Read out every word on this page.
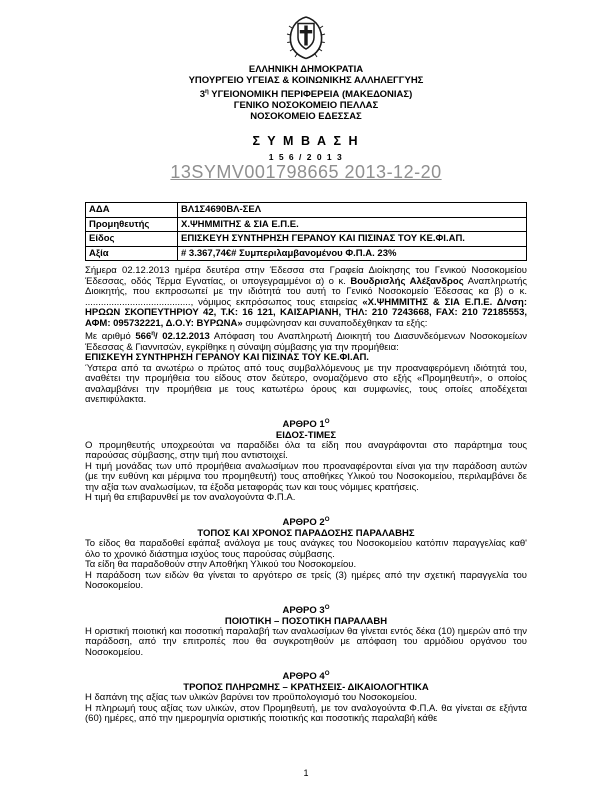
13SYMV001798665 2013-12-20
ΕΛΛΗΝΙΚΗ ΔΗΜΟΚΡΑΤΙΑ
ΥΠΟΥΡΓΕΙΟ ΥΓΕΙΑΣ & ΚΟΙΝΩΝΙΚΗΣ ΑΛΛΗΛΕΓΓΥΗΣ
$3^\eta$ ΥΓΕΙΟΝΟΜΙΚΗ ΠΕΡΙΦΕΡΕΙΑ (ΜΑΚΕΔΟΝΙΑΣ)
ΓΕΝΙΚΟ ΝΟΣΟΚΟΜΕΙΟ ΠΕΛΛΑΣ
ΝΟΣΟΚΟΜΕΙΟ ΕΔΕΣΣΑΣ
Σ Υ Μ Β Α Σ Η
1 5 6 / 2 0 1 3
ΑΔΑ	ΒΛ1Σ4690ΒΛ-ΣΕΛ
Προμηθευτής	Χ.ΨΗΜΜΙΤΗΣ & ΣΙΑ Ε.Π.Ε.
Είδος	ΕΠΙΣΚΕΥΗ ΣΥΝΤΗΡΗΣΗ ΓΕΡΑΝΟΥ ΚΑΙ ΠΙΣΙΝΑΣ ΤΟΥ ΚΕ.ΦΙ.ΑΠ.
Αξία	# 3.367,74€# Συμπεριλαμβανομένου Φ.Π.Α. 23%

Σήμερα 02.12.2013 ημέρα δευτέρα στην Έδεσσα στα Γραφεία Διοίκησης του Γενικού Νοσοκομείου Έδεσσας, οδός Τέρμα Εγνατίας, οι υπογεγραμμένοι α) ο κ. Βουδρισλής Αλέξανδρος Αναπληρωτής Διοικητής, που εκπροσωπεί με την ιδιότητά του αυτή το Γενικό Νοσοκομείο Έδεσσας κα β) ο κ. ........................................, νόμιμος εκπρόσωπος τους εταιρείας «Χ.ΨΗΜΜΙΤΗΣ & ΣΙΑ Ε.Π.Ε. Δ/νση: ΗΡΩΩΝ ΣΚΟΠΕΥΤΗΡΙΟΥ 42, Τ.Κ: 16 121, ΚΑΙΣΑΡΙΑΝΗ, ΤΗΛ: 210 7243668, FAX: 210 72185553, ΑΦΜ: 095732221, Δ.Ο.Υ: ΒΥΡΩΝΑ» συμφώνησαν και συναποδέχθηκαν τα εξής:

Με αριθμό $566^\eta/$ 02.12.2013 Απόφαση του Αναπληρωτή Διοικητή του Διασυνδεόμενων Νοσοκομείων Έδεσσας & Γιαννιτσών, εγκρίθηκε η σύναψη σύμβασης για την προμήθεια:
ΕΠΙΣΚΕΥΗ ΣΥΝΤΗΡΗΣΗ ΓΕΡΑΝΟΥ ΚΑΙ ΠΙΣΙΝΑΣ ΤΟΥ ΚΕ.ΦΙ.ΑΠ.

Ύστερα από τα ανωτέρω ο πρώτος από τους συμβαλλόμενους με την προαναφερόμενη ιδιότητά του, αναθέτει την προμήθεια του είδους στον δεύτερο, ονομαζόμενο στο εξής «Προμηθευτή», ο οποίος αναλαμβάνει την προμήθεια με τους κατωτέρω όρους και συμφωνίες, τους οποίες αποδέχεται ανεπιφύλακτα.

ΑΡΘΡΟ $1^O$
ΕΙΔΟΣ-ΤΙΜΕΣ

Ο προμηθευτής υποχρεούται να παραδίδει όλα τα είδη που αναγράφονται στο παράρτημα τους παρούσας σύμβασης, στην τιμή που αντιστοιχεί.

Η τιμή μονάδας των υπό προμήθεια αναλωσίμων που προαναφέρονται είναι για την παράδοση αυτών (με την ευθύνη και μέριμνα του προμηθευτή) τους αποθήκες Υλικού του Νοσοκομείου, περιλαμβάνει δε την αξία των αναλωσίμων, τα έξοδα μεταφοράς των και τους νόμιμες κρατήσεις.

Η τιμή θα επιβαρυνθεί με τον αναλογούντα Φ.Π.Α.

ΑΡΘΡΟ $2^O$
ΤΟΠΟΣ ΚΑΙ ΧΡΟΝΟΣ ΠΑΡΑΔΟΣΗΣ ΠΑΡΑΛΑΒΗΣ

Το είδος θα παραδοθεί εφάπαξ ανάλογα με τους ανάγκες του Νοσοκομείου κατόπιν παραγγελίας καθ' όλο το χρονικό διάστημα ισχύος τους παρούσας σύμβασης.

Τα είδη θα παραδοθούν στην Αποθήκη Υλικού του Νοσοκομείου.

Η παράδοση των ειδών θα γίνεται το αργότερο σε τρείς (3) ημέρες από την σχετική παραγγελία του Νοσοκομείου.

ΑΡΘΡΟ $3^O$
ΠΟΙΟΤΙΚΗ – ΠΟΣΟΤΙΚΗ ΠΑΡΑΛΑΒΗ

Η οριστική ποιοτική και ποσοτική παραλαβή των αναλωσίμων θα γίνεται εντός δέκα (10) ημερών από την παράδοση, από την επιτροπές που θα συγκροτηθούν με απόφαση του αρμόδιου οργάνου του Νοσοκομείου.

ΑΡΘΡΟ $4^O$
ΤΡΟΠΟΣ ΠΛΗΡΩΜΗΣ – ΚΡΑΤΗΣΕΙΣ- ΔΙΚΑΙΟΛΟΓΗΤΙΚΑ

Η δαπάνη της αξίας των υλικών βαρύνει τον προϋπολογισμό του Νοσοκομείου.

Η πληρωμή τους αξίας των υλικών, στον Προμηθευτή, με τον αναλογούντα Φ.Π.Α. θα γίνεται σε εξήντα (60) ημέρες, από την ημερομηνία οριστικής ποιοτικής και ποσοτικής παραλαβή κάθε

1
